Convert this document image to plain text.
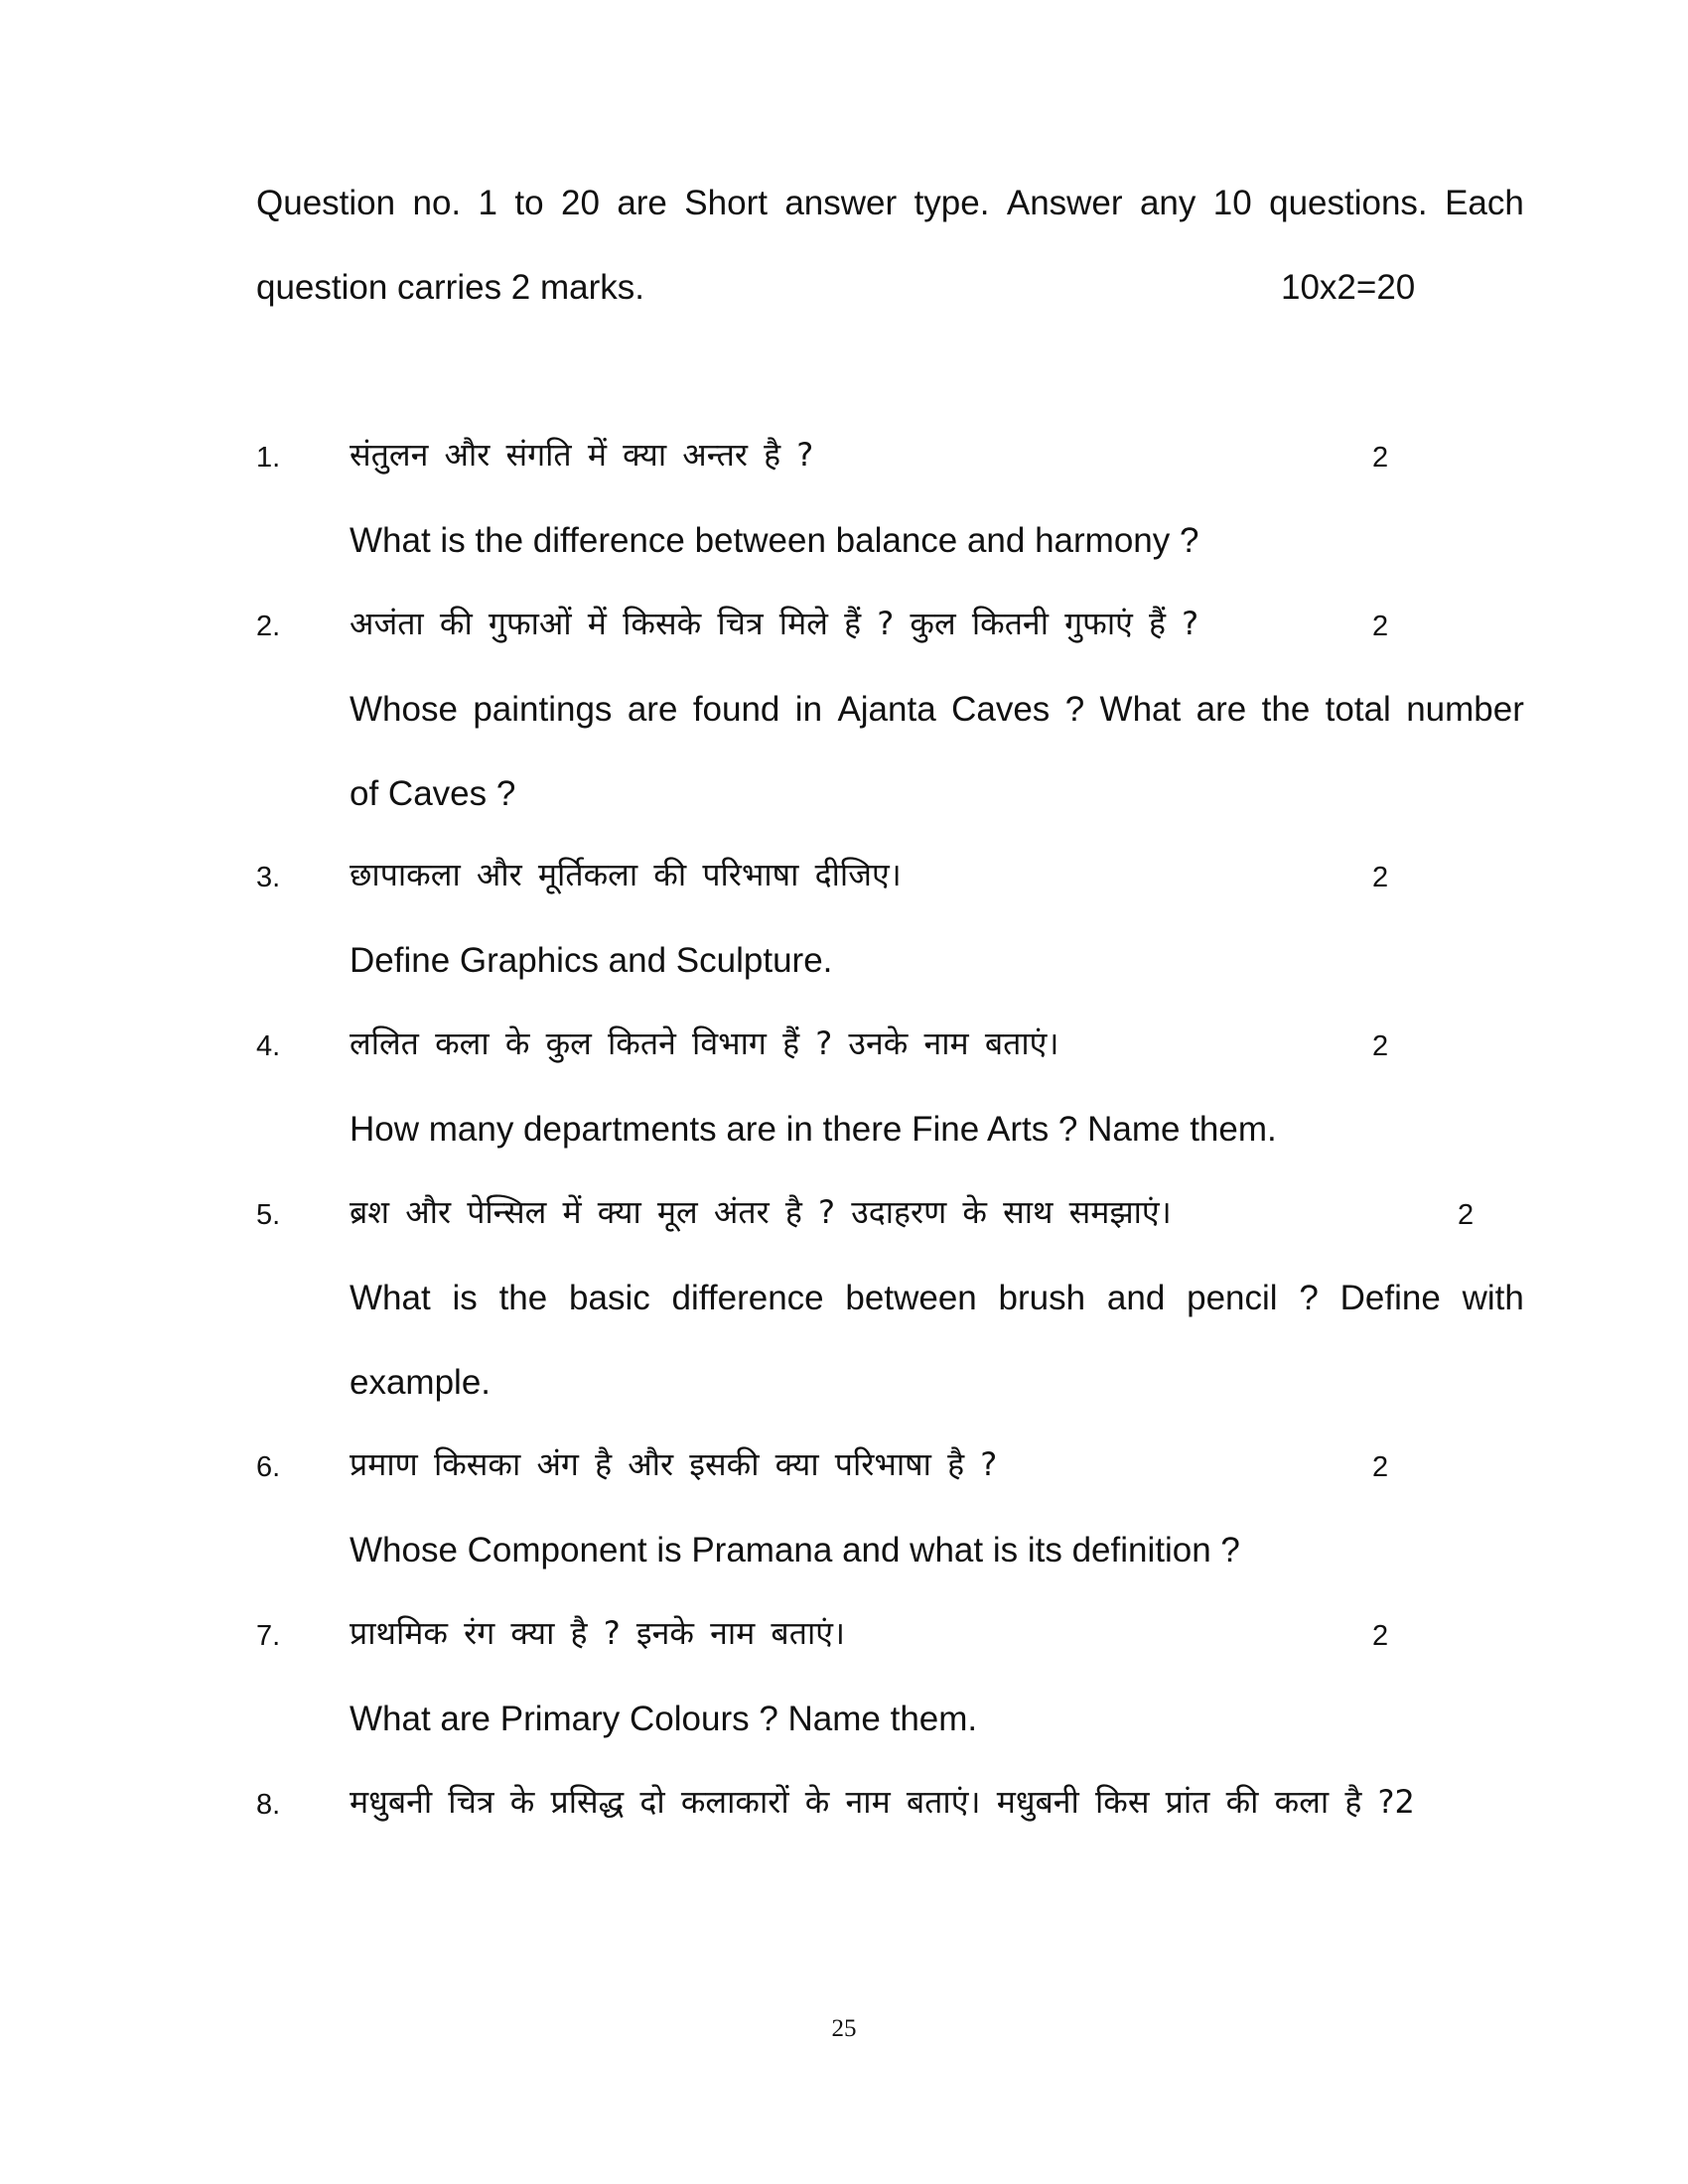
Question no. 1 to 20 are Short answer type. Answer any 10 questions. Each
question carries 2 marks.	10x2=20
1. संतुलन और संगति में क्या अन्तर है ?	2
What is the difference between balance and harmony ?
2. अजंता की गुफाओं में किसके चित्र मिले हैं ? कुल कितनी गुफाएं हैं ?	2
Whose paintings are found in Ajanta Caves ? What are the total number
of Caves ?
3. छापाकला और मूर्तिकला की परिभाषा दीजिए।	2
Define Graphics and Sculpture.
4. ललित कला के कुल कितने विभाग हैं ? उनके नाम बताएं।	2
How many departments are in there Fine Arts ? Name them.
5. ब्रश और पेन्सिल में क्या मूल अंतर है ? उदाहरण के साथ समझाएं।	2
What is the basic difference between brush and pencil ? Define with
example.
6. प्रमाण किसका अंग है और इसकी क्या परिभाषा है ?	2
Whose Component is Pramana and what is its definition ?
7. प्राथमिक रंग क्या है ? इनके नाम बताएं।	2
What are Primary Colours ? Name them.
8. मधुबनी चित्र के प्रसिद्ध दो कलाकारों के नाम बताएं। मधुबनी किस प्रांत की कला है ?2
25
